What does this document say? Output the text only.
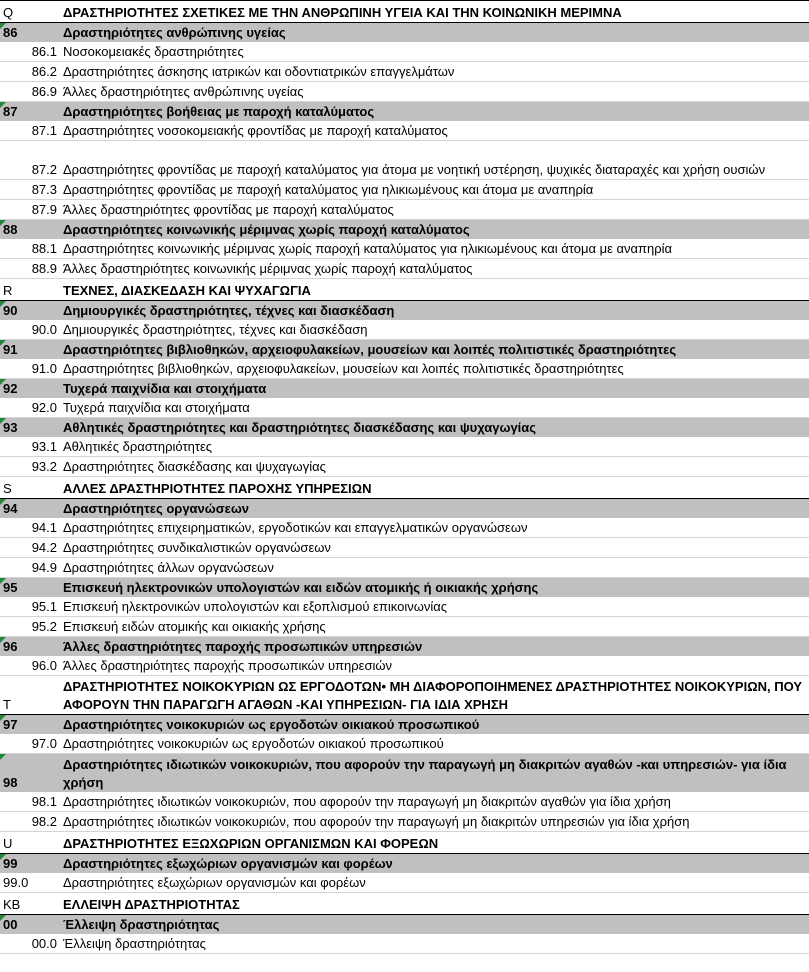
Q	ΔΡΑΣΤΗΡΙΟΤΗΤΕΣ ΣΧΕΤΙΚΕΣ ΜΕ ΤΗΝ ΑΝΘΡΩΠΙΝΗ ΥΓΕΙΑ ΚΑΙ ΤΗΝ ΚΟΙΝΩΝΙΚΗ ΜΕΡΙΜΝΑ

86	Δραστηριότητες ανθρώπινης υγείας
86.1	Νοσοκομειακές δραστηριότητες
86.2	Δραστηριότητες άσκησης ιατρικών και οδοντιατρικών επαγγελμάτων
86.9	Άλλες δραστηριότητες ανθρώπινης υγείας

87	Δραστηριότητες βοήθειας με παροχή καταλύματος
87.1	Δραστηριότητες νοσοκομειακής φροντίδας με παροχή καταλύματος
87.2	Δραστηριότητες φροντίδας με παροχή καταλύματος για άτομα με νοητική υστέρηση, ψυχικές διαταραχές και χρήση ουσιών
87.3	Δραστηριότητες φροντίδας με παροχή καταλύματος για ηλικιωμένους και άτομα με αναπηρία
87.9	Άλλες δραστηριότητες φροντίδας με παροχή καταλύματος

88	Δραστηριότητες κοινωνικής μέριμνας χωρίς παροχή καταλύματος
88.1	Δραστηριότητες κοινωνικής μέριμνας χωρίς παροχή καταλύματος για ηλικιωμένους και άτομα με αναπηρία
88.9	Άλλες δραστηριότητες κοινωνικής μέριμνας χωρίς παροχή καταλύματος
R	ΤΕΧΝΕΣ, ΔΙΑΣΚΕΔΑΣΗ ΚΑΙ ΨΥΧΑΓΩΓΙΑ

90	Δημιουργικές δραστηριότητες, τέχνες και διασκέδαση
90.0	Δημιουργικές δραστηριότητες, τέχνες και διασκέδαση

91	Δραστηριότητες βιβλιοθηκών, αρχειοφυλακείων, μουσείων και λοιπές πολιτιστικές δραστηριότητες
91.0	Δραστηριότητες βιβλιοθηκών, αρχειοφυλακείων, μουσείων και λοιπές πολιτιστικές δραστηριότητες

92	Τυχερά παιχνίδια και στοιχήματα
92.0	Τυχερά παιχνίδια και στοιχήματα

93	Αθλητικές δραστηριότητες και δραστηριότητες διασκέδασης και ψυχαγωγίας
93.1	Αθλητικές δραστηριότητες
93.2	Δραστηριότητες διασκέδασης και ψυχαγωγίας
S	ΑΛΛΕΣ ΔΡΑΣΤΗΡΙΟΤΗΤΕΣ ΠΑΡΟΧΗΣ ΥΠΗΡΕΣΙΩΝ

94	Δραστηριότητες οργανώσεων
94.1	Δραστηριότητες επιχειρηματικών, εργοδοτικών και επαγγελματικών οργανώσεων
94.2	Δραστηριότητες συνδικαλιστικών οργανώσεων
94.9	Δραστηριότητες άλλων οργανώσεων

95	Επισκευή ηλεκτρονικών υπολογιστών και ειδών ατομικής ή οικιακής χρήσης
95.1	Επισκευή ηλεκτρονικών υπολογιστών και εξοπλισμού επικοινωνίας
95.2	Επισκευή ειδών ατομικής και οικιακής χρήσης

96	Άλλες δραστηριότητες παροχής προσωπικών υπηρεσιών
96.0	Άλλες δραστηριότητες παροχής προσωπικών υπηρεσιών
T	ΔΡΑΣΤΗΡΙΟΤΗΤΕΣ ΝΟΙΚΟΚΥΡΙΩΝ ΩΣ ΕΡΓΟΔΟΤΩΝ• ΜΗ ΔΙΑΦΟΡΟΠΟΙΗΜΕΝΕΣ ΔΡΑΣΤΗΡΙΟΤΗΤΕΣ ΝΟΙΚΟΚΥΡΙΩΝ, ΠΟΥ ΑΦΟΡΟΥΝ ΤΗΝ ΠΑΡΑΓΩΓΗ ΑΓΑΘΩΝ -ΚΑΙ ΥΠΗΡΕΣΙΩΝ- ΓΙΑ ΙΔΙΑ ΧΡΗΣΗ

97	Δραστηριότητες νοικοκυριών ως εργοδοτών οικιακού προσωπικού
97.0	Δραστηριότητες νοικοκυριών ως εργοδοτών οικιακού προσωπικού

98	Δραστηριότητες ιδιωτικών νοικοκυριών, που αφορούν την παραγωγή μη διακριτών αγαθών -και υπηρεσιών- για ίδια χρήση
98.1	Δραστηριότητες ιδιωτικών νοικοκυριών, που αφορούν την παραγωγή μη διακριτών αγαθών για ίδια χρήση
98.2	Δραστηριότητες ιδιωτικών νοικοκυριών, που αφορούν την παραγωγή μη διακριτών υπηρεσιών για ίδια χρήση
U	ΔΡΑΣΤΗΡΙΟΤΗΤΕΣ ΕΞΩΧΩΡΙΩΝ ΟΡΓΑΝΙΣΜΩΝ ΚΑΙ ΦΟΡΕΩΝ

99	Δραστηριότητες εξωχώριων οργανισμών και φορέων
99.0	Δραστηριότητες εξωχώριων οργανισμών και φορέων
ΚΒ	ΕΛΛΕΙΨΗ ΔΡΑΣΤΗΡΙΟΤΗΤΑΣ

00	Έλλειψη δραστηριότητας
00.0	Έλλειψη δραστηριότητας
